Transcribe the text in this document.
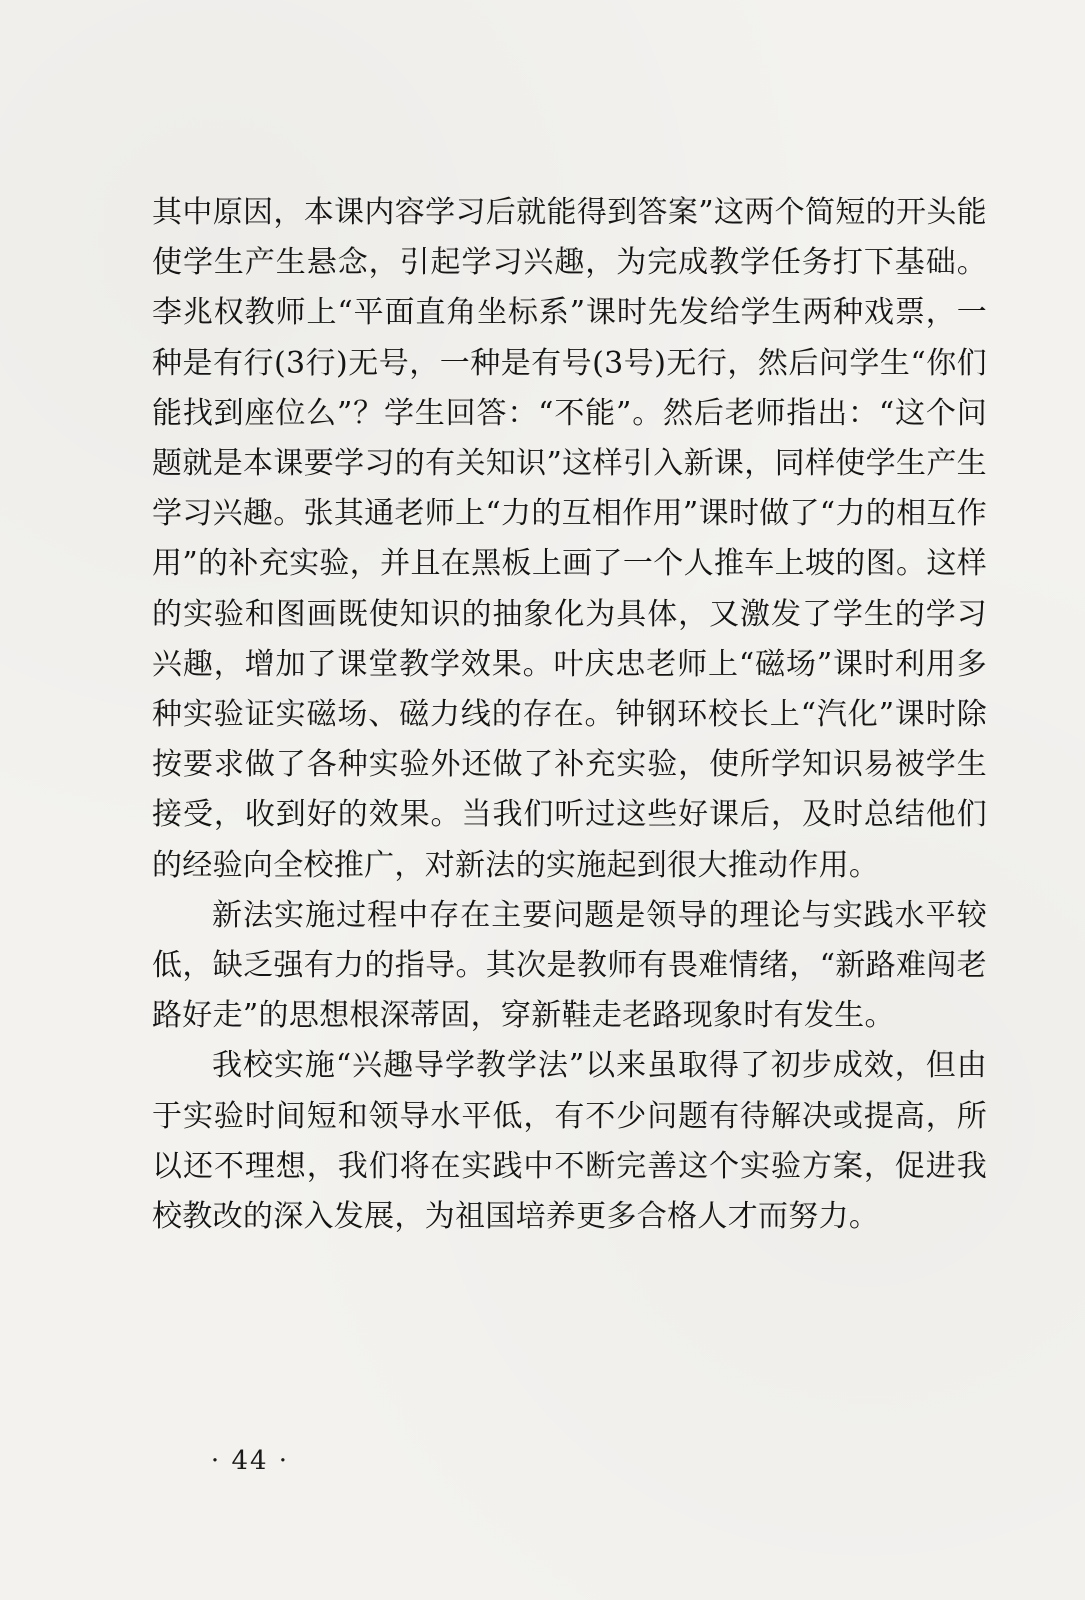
其中原因，本课内容学习后就能得到答案”这两个简短的开头能使学生产生悬念，引起学习兴趣，为完成教学任务打下基础。李兆权教师上“平面直角坐标系”课时先发给学生两种戏票，一种是有行(3行)无号，一种是有号(3号)无行，然后问学生“你们能找到座位么”？学生回答：“不能”。然后老师指出：“这个问题就是本课要学习的有关知识”这样引入新课，同样使学生产生学习兴趣。张其通老师上“力的互相作用”课时做了“力的相互作用”的补充实验，并且在黑板上画了一个人推车上坡的图。这样的实验和图画既使知识的抽象化为具体，又激发了学生的学习兴趣，增加了课堂教学效果。叶庆忠老师上“磁场”课时利用多种实验证实磁场、磁力线的存在。钟钢环校长上“汽化”课时除按要求做了各种实验外还做了补充实验，使所学知识易被学生接受，收到好的效果。当我们听过这些好课后，及时总结他们的经验向全校推广，对新法的实施起到很大推动作用。

新法实施过程中存在主要问题是领导的理论与实践水平较低，缺乏强有力的指导。其次是教师有畏难情绪，“新路难闯老路好走”的思想根深蒂固，穿新鞋走老路现象时有发生。

我校实施“兴趣导学教学法”以来虽取得了初步成效，但由于实验时间短和领导水平低，有不少问题有待解决或提高，所以还不理想，我们将在实践中不断完善这个实验方案，促进我校教改的深入发展，为祖国培养更多合格人才而努力。

· 44 ·
